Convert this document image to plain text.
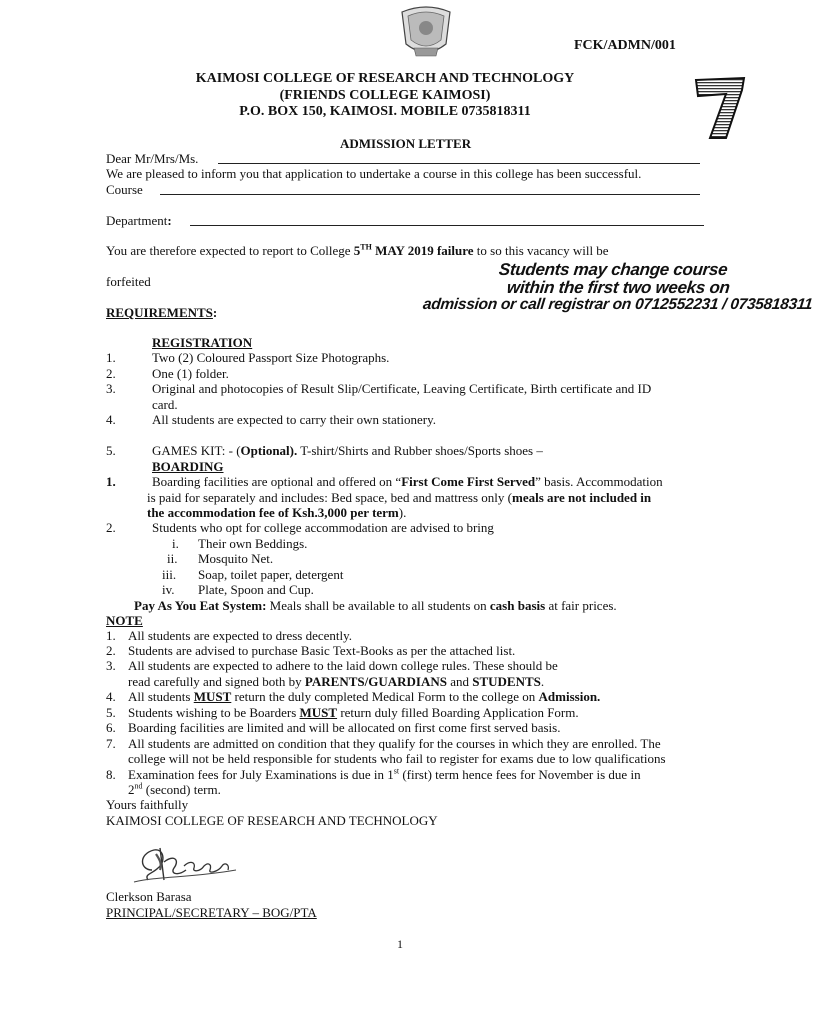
FCK/ADMN/001
KAIMOSI COLLEGE OF RESEARCH AND TECHNOLOGY
(FRIENDS COLLEGE KAIMOSI)
P.O. BOX 150, KAIMOSI. MOBILE 0735818311
ADMISSION LETTER
Dear Mr/Mrs/Ms.
We are pleased to inform you that application to undertake a course in this college has been successful.
Course
Department:
You are therefore expected to report to College 5TH MAY 2019 failure to so this vacancy will be
forfeited
Students may change course
within the first two weeks on
admission or call registrar on 0712552231 / 0735818311
REQUIREMENTS:
REGISTRATION
1.	Two (2) Coloured Passport Size Photographs.
2.	One (1) folder.
3.	Original and photocopies of Result Slip/Certificate, Leaving Certificate, Birth certificate and ID
card.
4.	All students are expected to carry their own stationery.
5.	GAMES KIT: - (Optional). T-shirt/Shirts and Rubber shoes/Sports shoes –
BOARDING
1.	Boarding facilities are optional and offered on “First Come First Served” basis. Accommodation
is paid for separately and includes: Bed space, bed and mattress only (meals are not included in
the accommodation fee of Ksh.3,000 per term).
2.	Students who opt for college accommodation are advised to bring
i. Their own Beddings.
ii. Mosquito Net.
iii. Soap, toilet paper, detergent
iv. Plate, Spoon and Cup.
Pay As You Eat System: Meals shall be available to all students on cash basis at fair prices.
NOTE
1. All students are expected to dress decently.
2. Students are advised to purchase Basic Text-Books as per the attached list.
3. All students are expected to adhere to the laid down college rules. These should be
read carefully and signed both by PARENTS/GUARDIANS and STUDENTS.
4. All students MUST return the duly completed Medical Form to the college on Admission.
5. Students wishing to be Boarders MUST return duly filled Boarding Application Form.
6. Boarding facilities are limited and will be allocated on first come first served basis.
7. All students are admitted on condition that they qualify for the courses in which they are enrolled. The
college will not be held responsible for students who fail to register for exams due to low qualifications
8. Examination fees for July Examinations is due in 1st (first) term hence fees for November is due in
2nd (second) term.
Yours faithfully
KAIMOSI COLLEGE OF RESEARCH AND TECHNOLOGY
Clerkson Barasa
PRINCIPAL/SECRETARY – BOG/PTA
1
